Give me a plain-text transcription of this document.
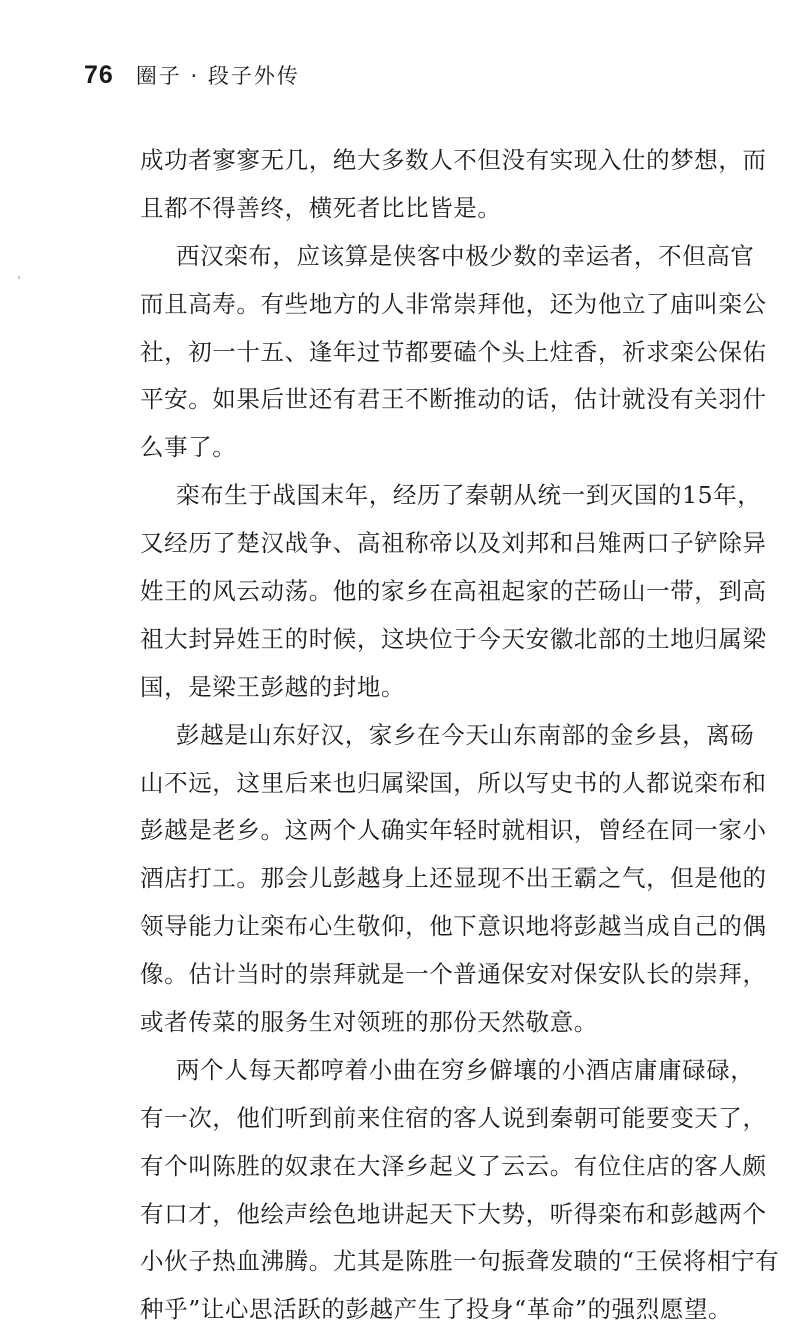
76 圈子 · 段子外传
成功者寥寥无几，绝大多数人不但没有实现入仕的梦想，而
且都不得善终，横死者比比皆是。
西汉栾布，应该算是侠客中极少数的幸运者，不但高官
而且高寿。有些地方的人非常崇拜他，还为他立了庙叫栾公
社，初一十五、逢年过节都要磕个头上炷香，祈求栾公保佑
平安。如果后世还有君王不断推动的话，估计就没有关羽什
么事了。
栾布生于战国末年，经历了秦朝从统一到灭国的15年，
又经历了楚汉战争、高祖称帝以及刘邦和吕雉两口子铲除异
姓王的风云动荡。他的家乡在高祖起家的芒砀山一带，到高
祖大封异姓王的时候，这块位于今天安徽北部的土地归属梁
国，是梁王彭越的封地。
彭越是山东好汉，家乡在今天山东南部的金乡县，离砀
山不远，这里后来也归属梁国，所以写史书的人都说栾布和
彭越是老乡。这两个人确实年轻时就相识，曾经在同一家小
酒店打工。那会儿彭越身上还显现不出王霸之气，但是他的
领导能力让栾布心生敬仰，他下意识地将彭越当成自己的偶
像。估计当时的崇拜就是一个普通保安对保安队长的崇拜，
或者传菜的服务生对领班的那份天然敬意。
两个人每天都哼着小曲在穷乡僻壤的小酒店庸庸碌碌，
有一次，他们听到前来住宿的客人说到秦朝可能要变天了，
有个叫陈胜的奴隶在大泽乡起义了云云。有位住店的客人颇
有口才，他绘声绘色地讲起天下大势，听得栾布和彭越两个
小伙子热血沸腾。尤其是陈胜一句振聋发聩的“王侯将相宁有
种乎”让心思活跃的彭越产生了投身“革命”的强烈愿望。
